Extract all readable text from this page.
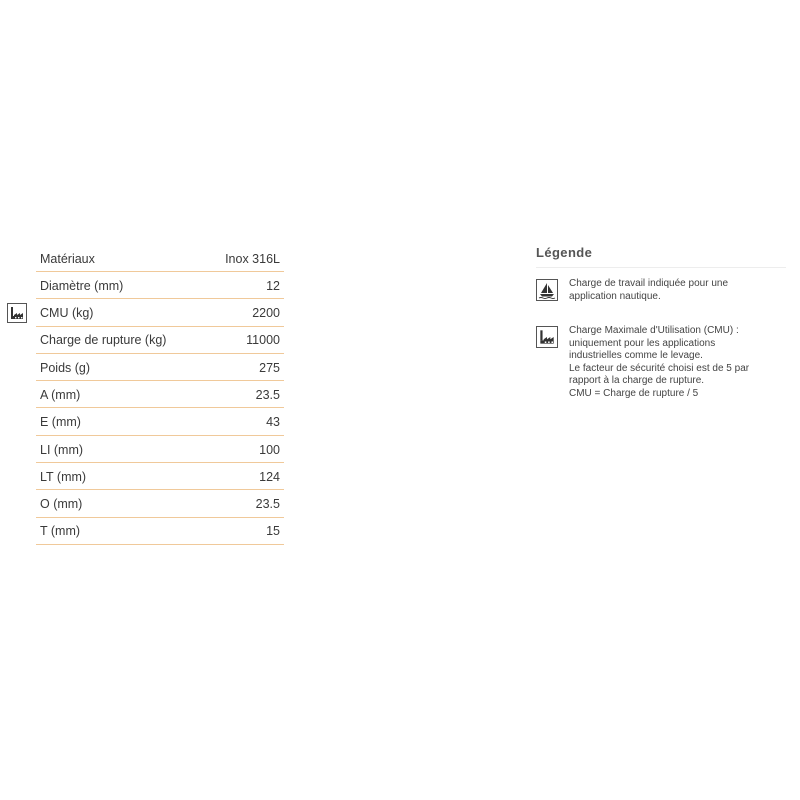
Matériaux	Inox 316L
Diamètre (mm)	12
CMU (kg)	2200
Charge de rupture (kg)	11000
Poids (g)	275
A (mm)	23.5
E (mm)	43
LI (mm)	100
LT (mm)	124
O (mm)	23.5
T (mm)	15
Légende
Charge de travail indiquée pour une
application nautique.
Charge Maximale d'Utilisation (CMU) :
uniquement pour les applications
industrielles comme le levage.
Le facteur de sécurité choisi est de 5 par
rapport à la charge de rupture.
CMU = Charge de rupture / 5
